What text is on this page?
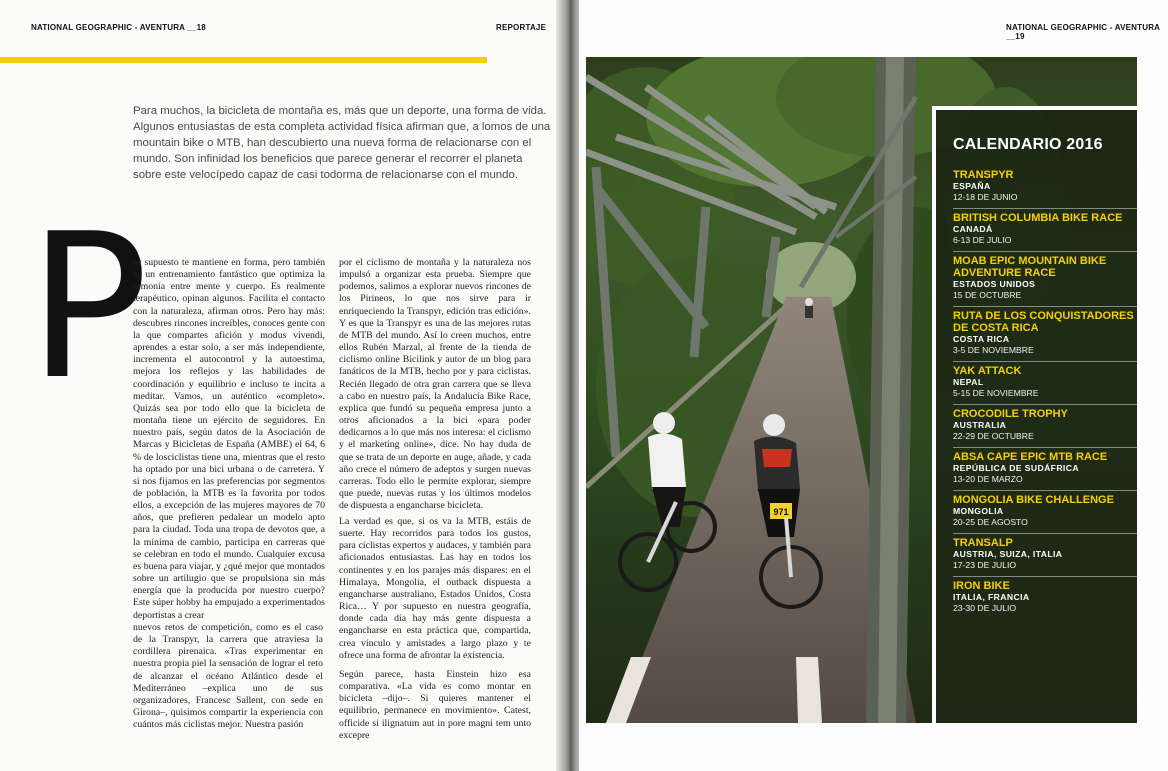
NATIONAL GEOGRAPHIC - AVENTURA __18	REPORTAJE
Para muchos, la bicicleta de montaña es, más que un deporte, una forma de vida. Algunos entusiastas de esta completa actividad física afirman que, a lomos de una mountain bike o MTB, han descubierto una nueva forma de relacionarse con el mundo. Son infinidad los beneficios que parece generar el recorrer el planeta sobre este velocípedo capaz de casi todorma de relacionarse con el mundo.
P

or supuesto te mantiene en forma, pero también es un entrenamiento fantástico que optimiza la armonía entre mente y cuerpo. Es realmente terapéutico, opinan algunos. Facilita el contacto con la naturaleza, afirman otros. Pero hay más: descubres rincones increíbles, conoces gente con la que compartes afición y modus vivendi, aprendes a estar solo, a ser más independiente, incrementa el autocontrol y la autoestima, mejora los reflejos y las habilidades de coordinación y equilibrio e incluso te incita a meditar. Vamos, un auténtico «completo». Quizás sea por todo ello que la bicicleta de montaña tiene un ejército de seguidores. En nuestro país, según datos de la Asociación de Marcas y Bicicletas de España (AMBE) el 64, 6 % de losciclistas tiene una, mientras que el resto ha optado por una bici urbana o de carretera. Y si nos fijamos en las preferencias por segmentos de población, la MTB es la favorita por todos ellos, a excepción de las mujeres mayores de 70 años, que prefieren pedalear un modelo apto para la ciudad. Toda una tropa de devotos que, a la mínima de cambio, participa en carreras que se celebran en todo el mundo. Cualquier excusa es buena para viajar, y ¿qué mejor que montados sobre un artilugio que se propulsiona sin más energía que la producida por nuestro cuerpo? Este súper hobby ha empujado a experimentados deportistas a crear

nuevos retos de competición, como es el caso de la Transpyr, la carrera que atraviesa la cordillera pirenaica. «Tras experimentar en nuestra propia piel la sensación de lograr el reto de alcanzar el océano Atlántico desde el Mediterráneo –explica uno de sus organizadores, Francesc Sallent, con sede en Girona–, quisimos compartir la experiencia con cuántos más ciclistas mejor. Nuestra pasión

por el ciclismo de montaña y la naturaleza nos impulsó a organizar esta prueba. Siempre que podemos, salimos a explorar nuevos rincones de los Pirineos, lo que nos sirve para ir enriqueciendo la Transpyr, edición tras edición». Y es que la Transpyr es una de las mejores rutas de MTB del mundo. Así lo creen muchos, entre ellos Rubén Marzal, al frente de la tienda de ciclismo online Bicilink y autor de un blog para fanáticos de la MTB, hecho por y para ciclistas. Recién llegado de otra gran carrera que se lleva a cabo en nuestro país, la Andalucía Bike Race, explica que fundó su pequeña empresa junto a otros aficionados a la bici «para poder dedicarnos a lo que más nos interesa: el ciclismo y el marketing online», dice. No hay duda de que se trata de un deporte en auge, añade, y cada año crece el número de adeptos y surgen nuevas carreras. Todo ello le permite explorar, siempre que puede, nuevas rutas y los últimos modelos de dispuesta a engancharse bicicleta.

La verdad es que, si os va la MTB, estáis de suerte. Hay recorridos para todos los gustos, para ciclistas expertos y audaces, y también para aficionados entusiastas. Las hay en todos los continentes y en los parajes más dispares: en el Himalaya, Mongolia, el outback dispuesta a engancharse australiano, Estados Unidos, Costa Rica… Y por supuesto en nuestra geografía, donde cada día hay más gente dispuesta a engancharse en esta práctica que, compartida, crea vínculo y amistades a largo plazo y te ofrece una forma de afrontar la existencia.

Según parece, hasta Einstein hizo esa comparativa. «La vida es como montar en bicicleta –dijo–. Si quieres mantener el equilibrio, permanece en movimiento». Catest, officide si ilignatum aut in pore magni tem unto excepre

NATIONAL GEOGRAPHIC - AVENTURA __19
971
CALENDARIO 2016
TRANSPYR
ESPAÑA
12-18 DE JUNIO
BRITISH COLUMBIA BIKE RACE
CANADÁ
6-13 DE JULIO
MOAB EPIC MOUNTAIN BIKE ADVENTURE RACE
ESTADOS UNIDOS
15 DE OCTUBRE
RUTA DE LOS CONQUISTADORES DE COSTA RICA
COSTA RICA
3-5 DE NOVIEMBRE
YAK ATTACK
NEPAL
5-15 DE NOVIEMBRE
CROCODILE TROPHY
AUSTRALIA
22-29 DE OCTUBRE
ABSA CAPE EPIC MTB RACE
REPÚBLICA DE SUDÁFRICA
13-20 DE MARZO
MONGOLIA BIKE CHALLENGE
MONGOLIA
20-25 DE AGOSTO
TRANSALP
AUSTRIA, SUIZA, ITALIA
17-23 DE JULIO
IRON BIKE
ITALIA, FRANCIA
23-30 DE JULIO
